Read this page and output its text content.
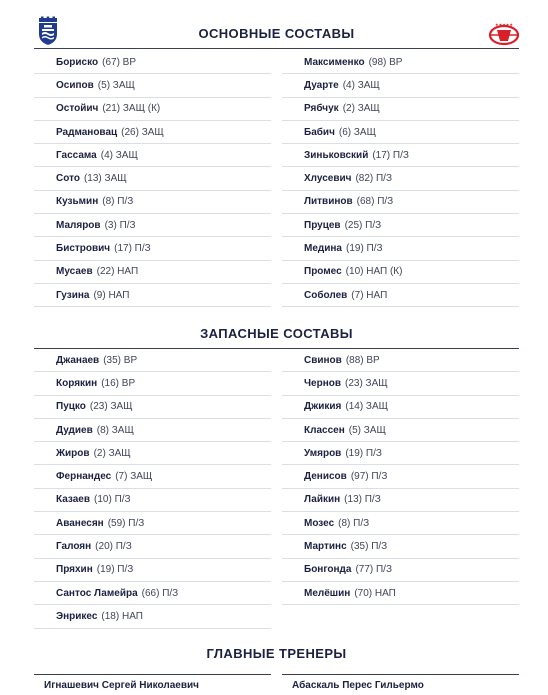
ОСНОВНЫЕ СОСТАВЫ
★★★★★
Бориско (67) ВР
Осипов (5) ЗАЩ
Остойич (21) ЗАЩ (К)
Радмановац (26) ЗАЩ
Гассама (4) ЗАЩ
Сото (13) ЗАЩ
Кузьмин (8) П/З
Маляров (3) П/З
Бистрович (17) П/З
Мусаев (22) НАП
Гузина (9) НАП
Максименко (98) ВР
Дуарте (4) ЗАЩ
Рябчук (2) ЗАЩ
Бабич (6) ЗАЩ
Зиньковский (17) П/З
Хлусевич (82) П/З
Литвинов (68) П/З
Пруцев (25) П/З
Медина (19) П/З
Промес (10) НАП (К)
Соболев (7) НАП
ЗАПАСНЫЕ СОСТАВЫ
Джанаев (35) ВР
Корякин (16) ВР
Пуцко (23) ЗАЩ
Дудиев (8) ЗАЩ
Жиров (2) ЗАЩ
Фернандес (7) ЗАЩ
Казаев (10) П/З
Аванесян (59) П/З
Галоян (20) П/З
Пряхин (19) П/З
Сантос Ламейра (66) П/З
Энрикес (18) НАП
Свинов (88) ВР
Чернов (23) ЗАЩ
Джикия (14) ЗАЩ
Классен (5) ЗАЩ
Умяров (19) П/З
Денисов (97) П/З
Лайкин (13) П/З
Мозес (8) П/З
Мартинс (35) П/З
Бонгонда (77) П/З
Мелёшин (70) НАП
ГЛАВНЫЕ ТРЕНЕРЫ
Игнашевич Сергей Николаевич	Абаскаль Перес Гильермо
